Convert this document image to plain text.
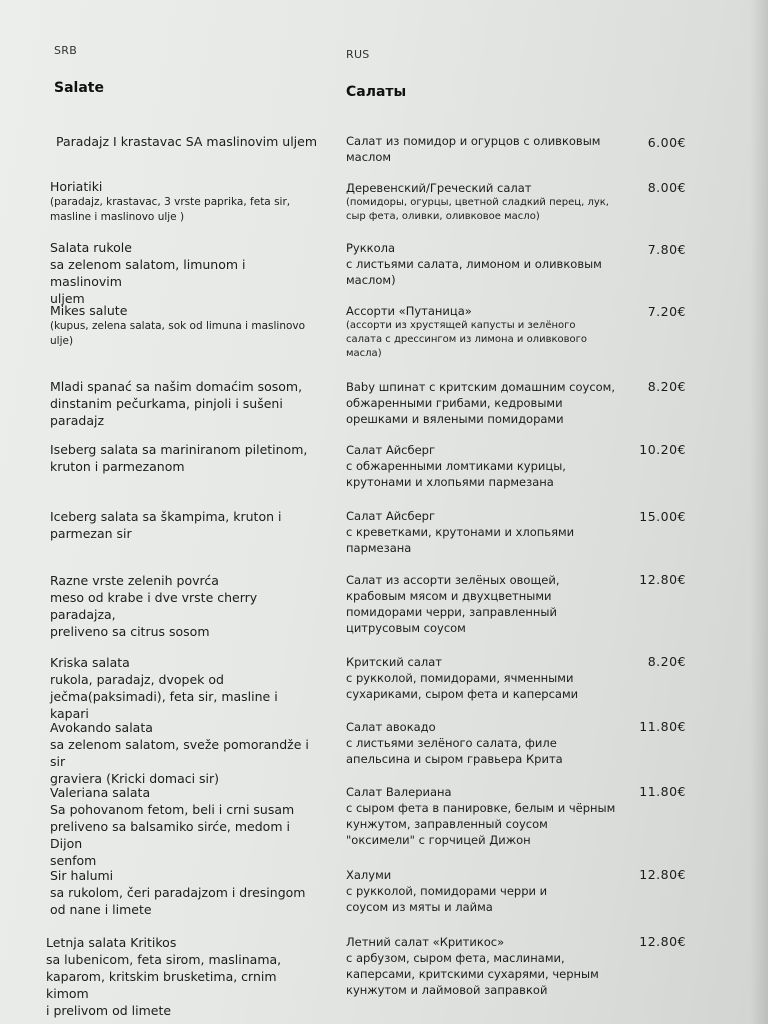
SRB	RUS
Salate	Салаты
Paradajz I krastavac SA maslinovim uljem	Салат из помидор и огурцов с оливковым
маслом
6.00€
Horiatiki
(paradajz, krastavac, 3 vrste paprika, feta sir,
masline i maslinovo ulje )
Деревенский/Греческий салат
(помидоры, огурцы, цветной сладкий перец, лук,
сыр фета, оливки, оливковое масло)
8.00€
Salata rukole
sa zelenom salatom, limunom i maslinovim
uljem
Руккола
с листьями салата, лимоном и оливковым
маслом)
7.80€
Mikes salute
(kupus, zelena salata, sok od limuna i maslinovo
ulje)
Ассорти «Путаница»
(ассорти из хрустящей капусты и зелёного
салата с дрессингом из лимона и оливкового
масла)
7.20€
Mladi spanać sa našim domaćim sosom,
dinstanim pečurkama, pinjoli i sušeni paradajz
Baby шпинат с критским домашним соусом,
обжаренными грибами, кедровыми
орешками и вялеными помидорами
8.20€
Iseberg salata sa mariniranom piletinom,
kruton i parmezanom
Салат Айсберг
с обжаренными ломтиками курицы,
крутонами и хлопьями пармезана
10.20€
Iceberg salata sa škampima, kruton i
parmezan sir
Салат Айсберг
с креветками, крутонами и хлопьями
пармезана
15.00€
Razne vrste zelenih povrća
meso od krabe i dve vrste cherry paradajza,
preliveno sa citrus sosom
Салат из ассорти зелёных овощей,
крабовым мясом и двухцветными
помидорами черри, заправленный
цитрусовым соусом
12.80€
Kriska salata
rukola, paradajz, dvopek od
ječma(paksimadi), feta sir, masline i kapari
Критский салат
с рукколой, помидорами, ячменными
сухариками, сыром фета и каперсами
8.20€
Avokando salata
sa zelenom salatom, sveže pomorandže i sir
graviera (Kricki domaci sir)
Салат авокадо
с листьями зелёного салата, филе
апельсина и сыром гравьера Крита
11.80€
Valeriana salata
Sa pohovanom fetom, beli i crni susam
preliveno sa balsamiko sirće, medom i Dijon
senfom
Салат Валериана
с сыром фета в панировке, белым и чёрным
кунжутом, заправленный соусом
"оксимели" с горчицей Дижон
11.80€
Sir halumi
sa rukolom, čeri paradajzom i dresingom
od nane i limete
Халуми
с рукколой, помидорами черри и
соусом из мяты и лайма
12.80€
Letnja salata Kritikos
sa lubenicom, feta sirom, maslinama,
kaparom, kritskim brusketima, crnim kimom
i prelivom od limete
Летний салат «Критикос»
с арбузом, сыром фета, маслинами,
каперсами, критскими сухарями, черным
кунжутом и лаймовой заправкой
12.80€
